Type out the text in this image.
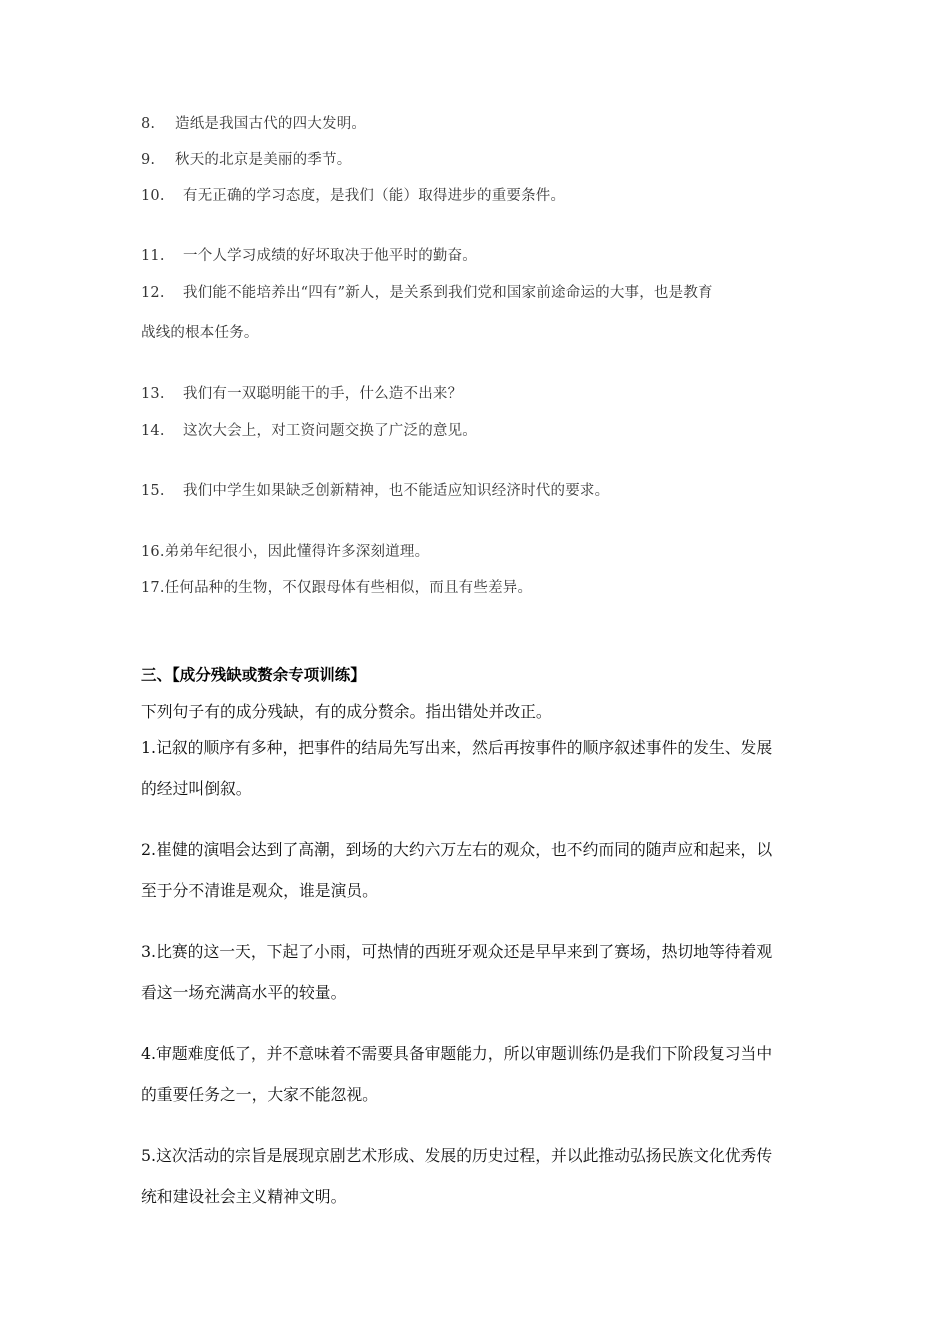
8. 造纸是我国古代的四大发明。
9. 秋天的北京是美丽的季节。
10. 有无正确的学习态度，是我们（能）取得进步的重要条件。
11. 一个人学习成绩的好坏取决于他平时的勤奋。
12. 我们能不能培养出“四有”新人，是关系到我们党和国家前途命运的大事，也是教育
战线的根本任务。
13. 我们有一双聪明能干的手，什么造不出来？
14. 这次大会上，对工资问题交换了广泛的意见。
15. 我们中学生如果缺乏创新精神，也不能适应知识经济时代的要求。
16.弟弟年纪很小，因此懂得许多深刻道理。
17.任何品种的生物，不仅跟母体有些相似，而且有些差异。
三、【成分残缺或赘余专项训练】
下列句子有的成分残缺，有的成分赘余。指出错处并改正。
1.记叙的顺序有多种，把事件的结局先写出来，然后再按事件的顺序叙述事件的发生、发展
的经过叫倒叙。
2.崔健的演唱会达到了高潮，到场的大约六万左右的观众，也不约而同的随声应和起来，以
至于分不清谁是观众，谁是演员。
3.比赛的这一天，下起了小雨，可热情的西班牙观众还是早早来到了赛场，热切地等待着观
看这一场充满高水平的较量。
4.审题难度低了，并不意味着不需要具备审题能力，所以审题训练仍是我们下阶段复习当中
的重要任务之一，大家不能忽视。
5.这次活动的宗旨是展现京剧艺术形成、发展的历史过程，并以此推动弘扬民族文化优秀传
统和建设社会主义精神文明。
